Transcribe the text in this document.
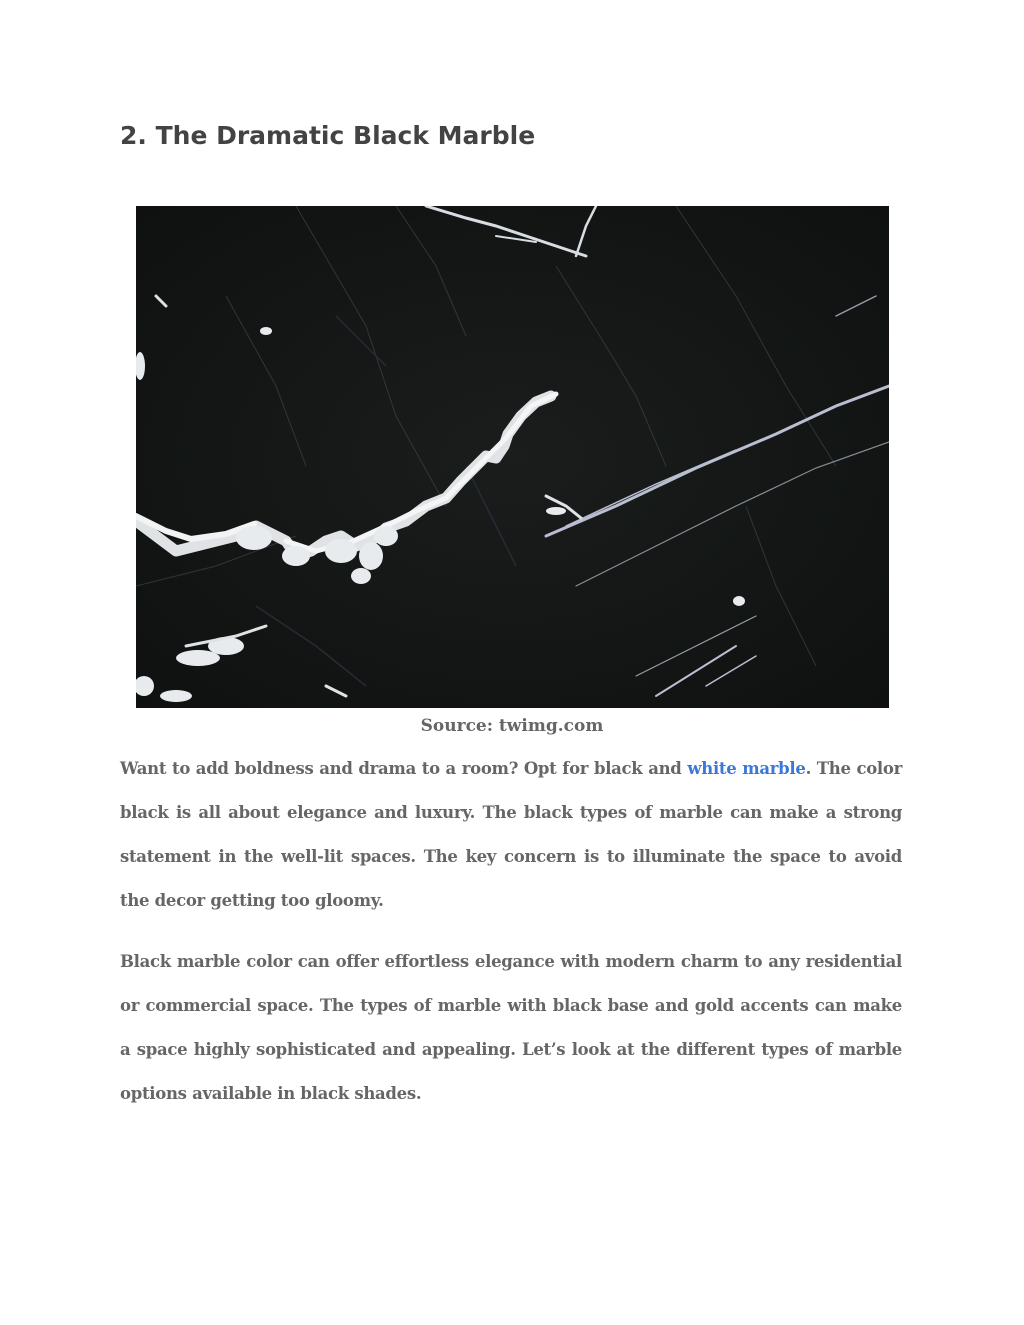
2. The Dramatic Black Marble
Source: twimg.com

Want to add boldness and drama to a room? Opt for black and white marble. The color black is all about elegance and luxury. The black types of marble can make a strong statement in the well-lit spaces. The key concern is to illuminate the space to avoid the decor getting too gloomy.

Black marble color can offer effortless elegance with modern charm to any residential or commercial space. The types of marble with black base and gold accents can make a space highly sophisticated and appealing. Let’s look at the different types of marble options available in black shades.
